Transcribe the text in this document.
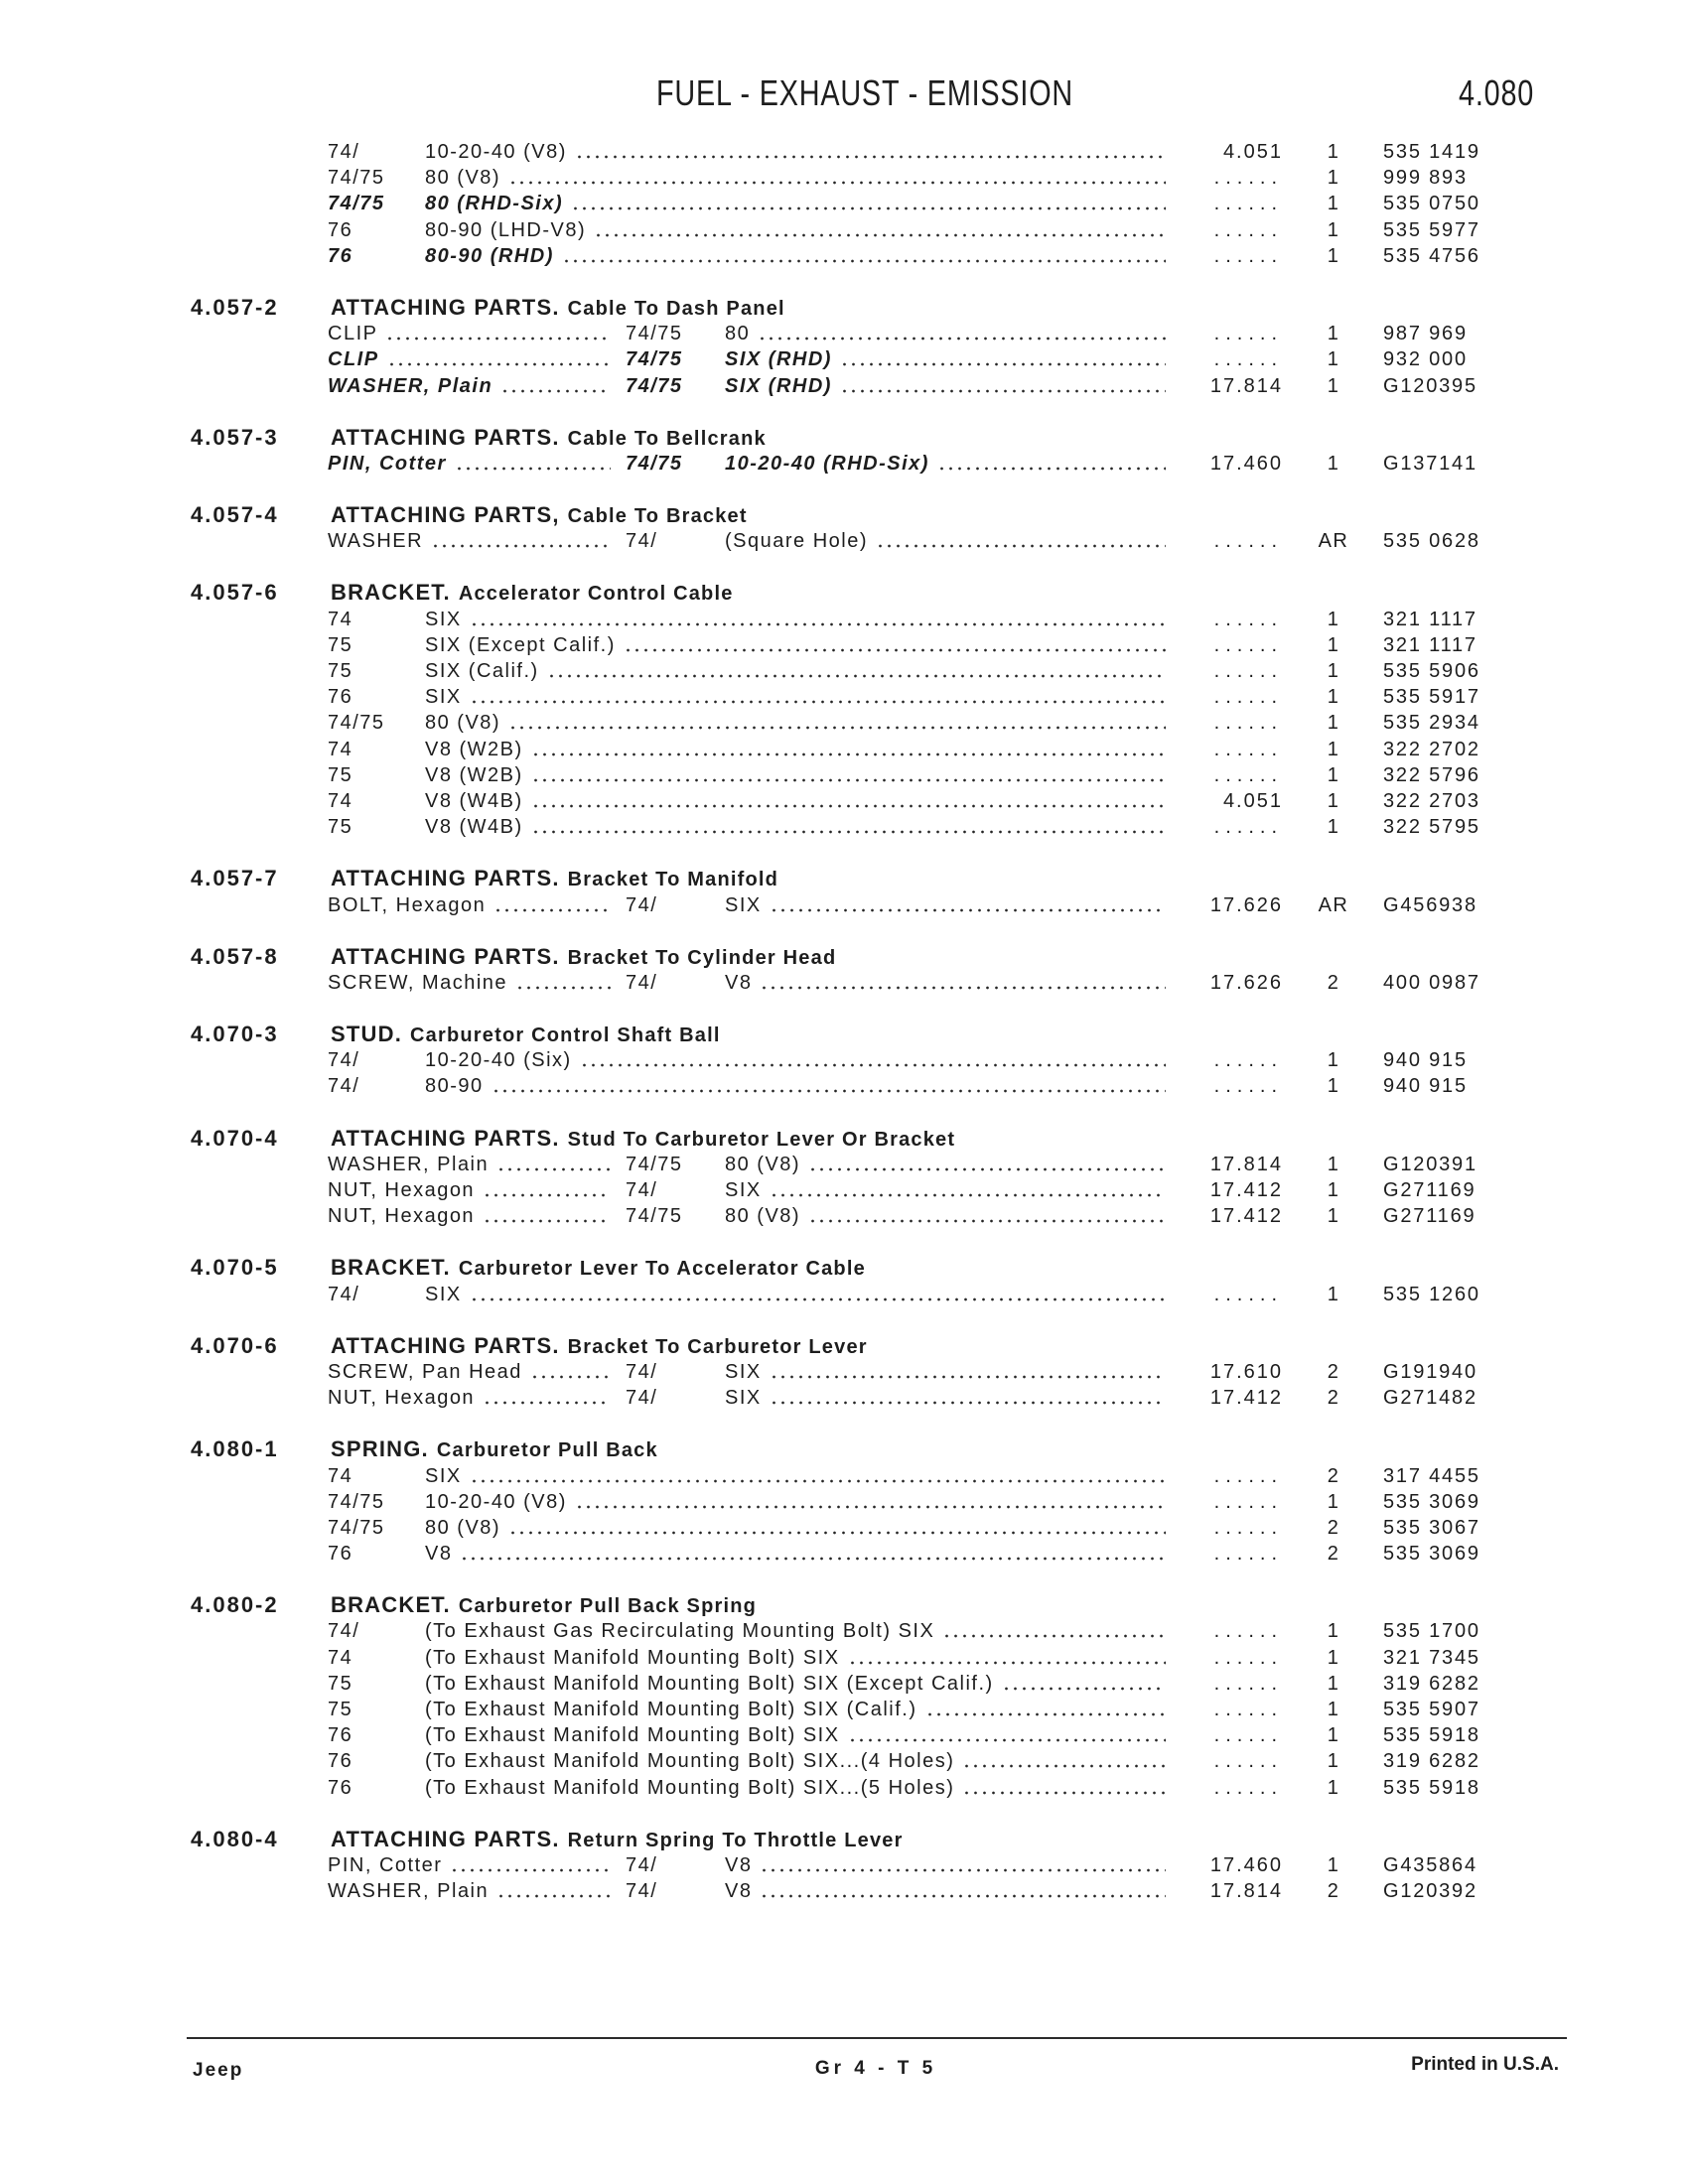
FUEL - EXHAUST - EMISSION	4.080
74/	10-20-40 (V8)	4.051	1	535 1419
74/75 80 (V8)	......	1	999 893
74/75 80 (RHD-Six)	......	1	535 0750
76	80-90 (LHD-V8)	......	1	535 5977
76	80-90 (RHD)	......	1	535 4756
4.057-2 ATTACHING PARTS. Cable To Dash Panel
CLIP	74/75 80	......	1	987 969
CLIP	74/75 SIX (RHD)	......	1	932 000
WASHER, Plain	74/75 SIX (RHD)	17.814	1	G120395
4.057-3 ATTACHING PARTS. Cable To Bellcrank
PIN, Cotter	74/75 10-20-40 (RHD-Six)	17.460	1	G137141
4.057-4 ATTACHING PARTS, Cable To Bracket
WASHER	74/	(Square Hole)	......	AR	535 0628
4.057-6 BRACKET. Accelerator Control Cable
74	SIX	......	1	321 1117
75	SIX (Except Calif.)	......	1	321 1117
75	SIX (Calif.)	......	1	535 5906
76	SIX	......	1	535 5917
74/75 80 (V8)	......	1	535 2934
74	V8 (W2B)	......	1	322 2702
75	V8 (W2B)	......	1	322 5796
74	V8 (W4B)	4.051	1	322 2703
75	V8 (W4B)	......	1	322 5795
4.057-7 ATTACHING PARTS. Bracket To Manifold
BOLT, Hexagon	74/	SIX	17.626	AR	G456938
4.057-8 ATTACHING PARTS. Bracket To Cylinder Head
SCREW, Machine	74/	V8	17.626	2	400 0987
4.070-3 STUD. Carburetor Control Shaft Ball
74/	10-20-40 (Six)	......	1	940 915
74/	80-90	......	1	940 915
4.070-4 ATTACHING PARTS. Stud To Carburetor Lever Or Bracket
WASHER, Plain	74/75 80 (V8)	17.814	1	G120391
NUT, Hexagon	74/	SIX	17.412	1	G271169
NUT, Hexagon	74/75 80 (V8)	17.412	1	G271169
4.070-5 BRACKET. Carburetor Lever To Accelerator Cable
74/	SIX	......	1	535 1260
4.070-6 ATTACHING PARTS. Bracket To Carburetor Lever
SCREW, Pan Head	74/	SIX	17.610	2	G191940
NUT, Hexagon	74/	SIX	17.412	2	G271482
4.080-1 SPRING. Carburetor Pull Back
74	SIX	......	2	317 4455
74/75 10-20-40 (V8)	......	1	535 3069
74/75 80 (V8)	......	2	535 3067
76	V8	......	2	535 3069
4.080-2 BRACKET. Carburetor Pull Back Spring
74/	(To Exhaust Gas Recirculating Mounting Bolt) SIX	......	1	535 1700
74	(To Exhaust Manifold Mounting Bolt) SIX	......	1	321 7345
75	(To Exhaust Manifold Mounting Bolt) SIX (Except Calif.)	......	1	319 6282
75	(To Exhaust Manifold Mounting Bolt) SIX (Calif.)	......	1	535 5907
76	(To Exhaust Manifold Mounting Bolt) SIX	......	1	535 5918
76	(To Exhaust Manifold Mounting Bolt) SIX...(4 Holes)	......	1	319 6282
76	(To Exhaust Manifold Mounting Bolt) SIX...(5 Holes)	......	1	535 5918
4.080-4 ATTACHING PARTS. Return Spring To Throttle Lever
PIN, Cotter	74/	V8	17.460	1	G435864
WASHER, Plain	74/	V8	17.814	2	G120392
Jeep	Gr 4 - T 5	Printed in U.S.A.
